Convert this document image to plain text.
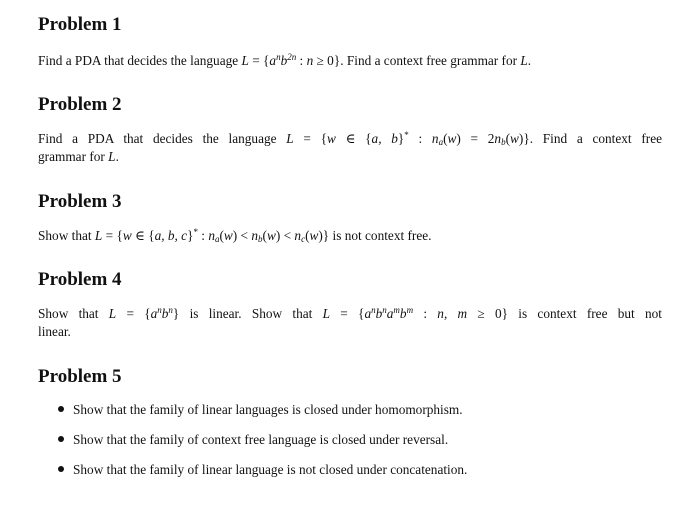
Problem 1
Find a PDA that decides the language $L = \{a^nb^{2n}$ : n ≥ 0}. Find a context free grammar for L.
Problem 2
Find a PDA that decides the language L = {w ∈ {a, b}* : $n_a(w) = 2n_b(w)$}. Find a context free
grammar for L.
Problem 3
Show that L = {w ∈ {a, b, c}* : $n_a(w) < n_b(w) < n_c(w)$} is not context free.
Problem 4
Show that $L = \{a^nb^n\}$ is linear. Show that $L = \{a^nb^na^mb^m$ : n, m ≥ 0} is context free but not
linear.
Problem 5
Show that the family of linear languages is closed under homomorphism.
Show that the family of context free language is closed under reversal.
Show that the family of linear language is not closed under concatenation.
